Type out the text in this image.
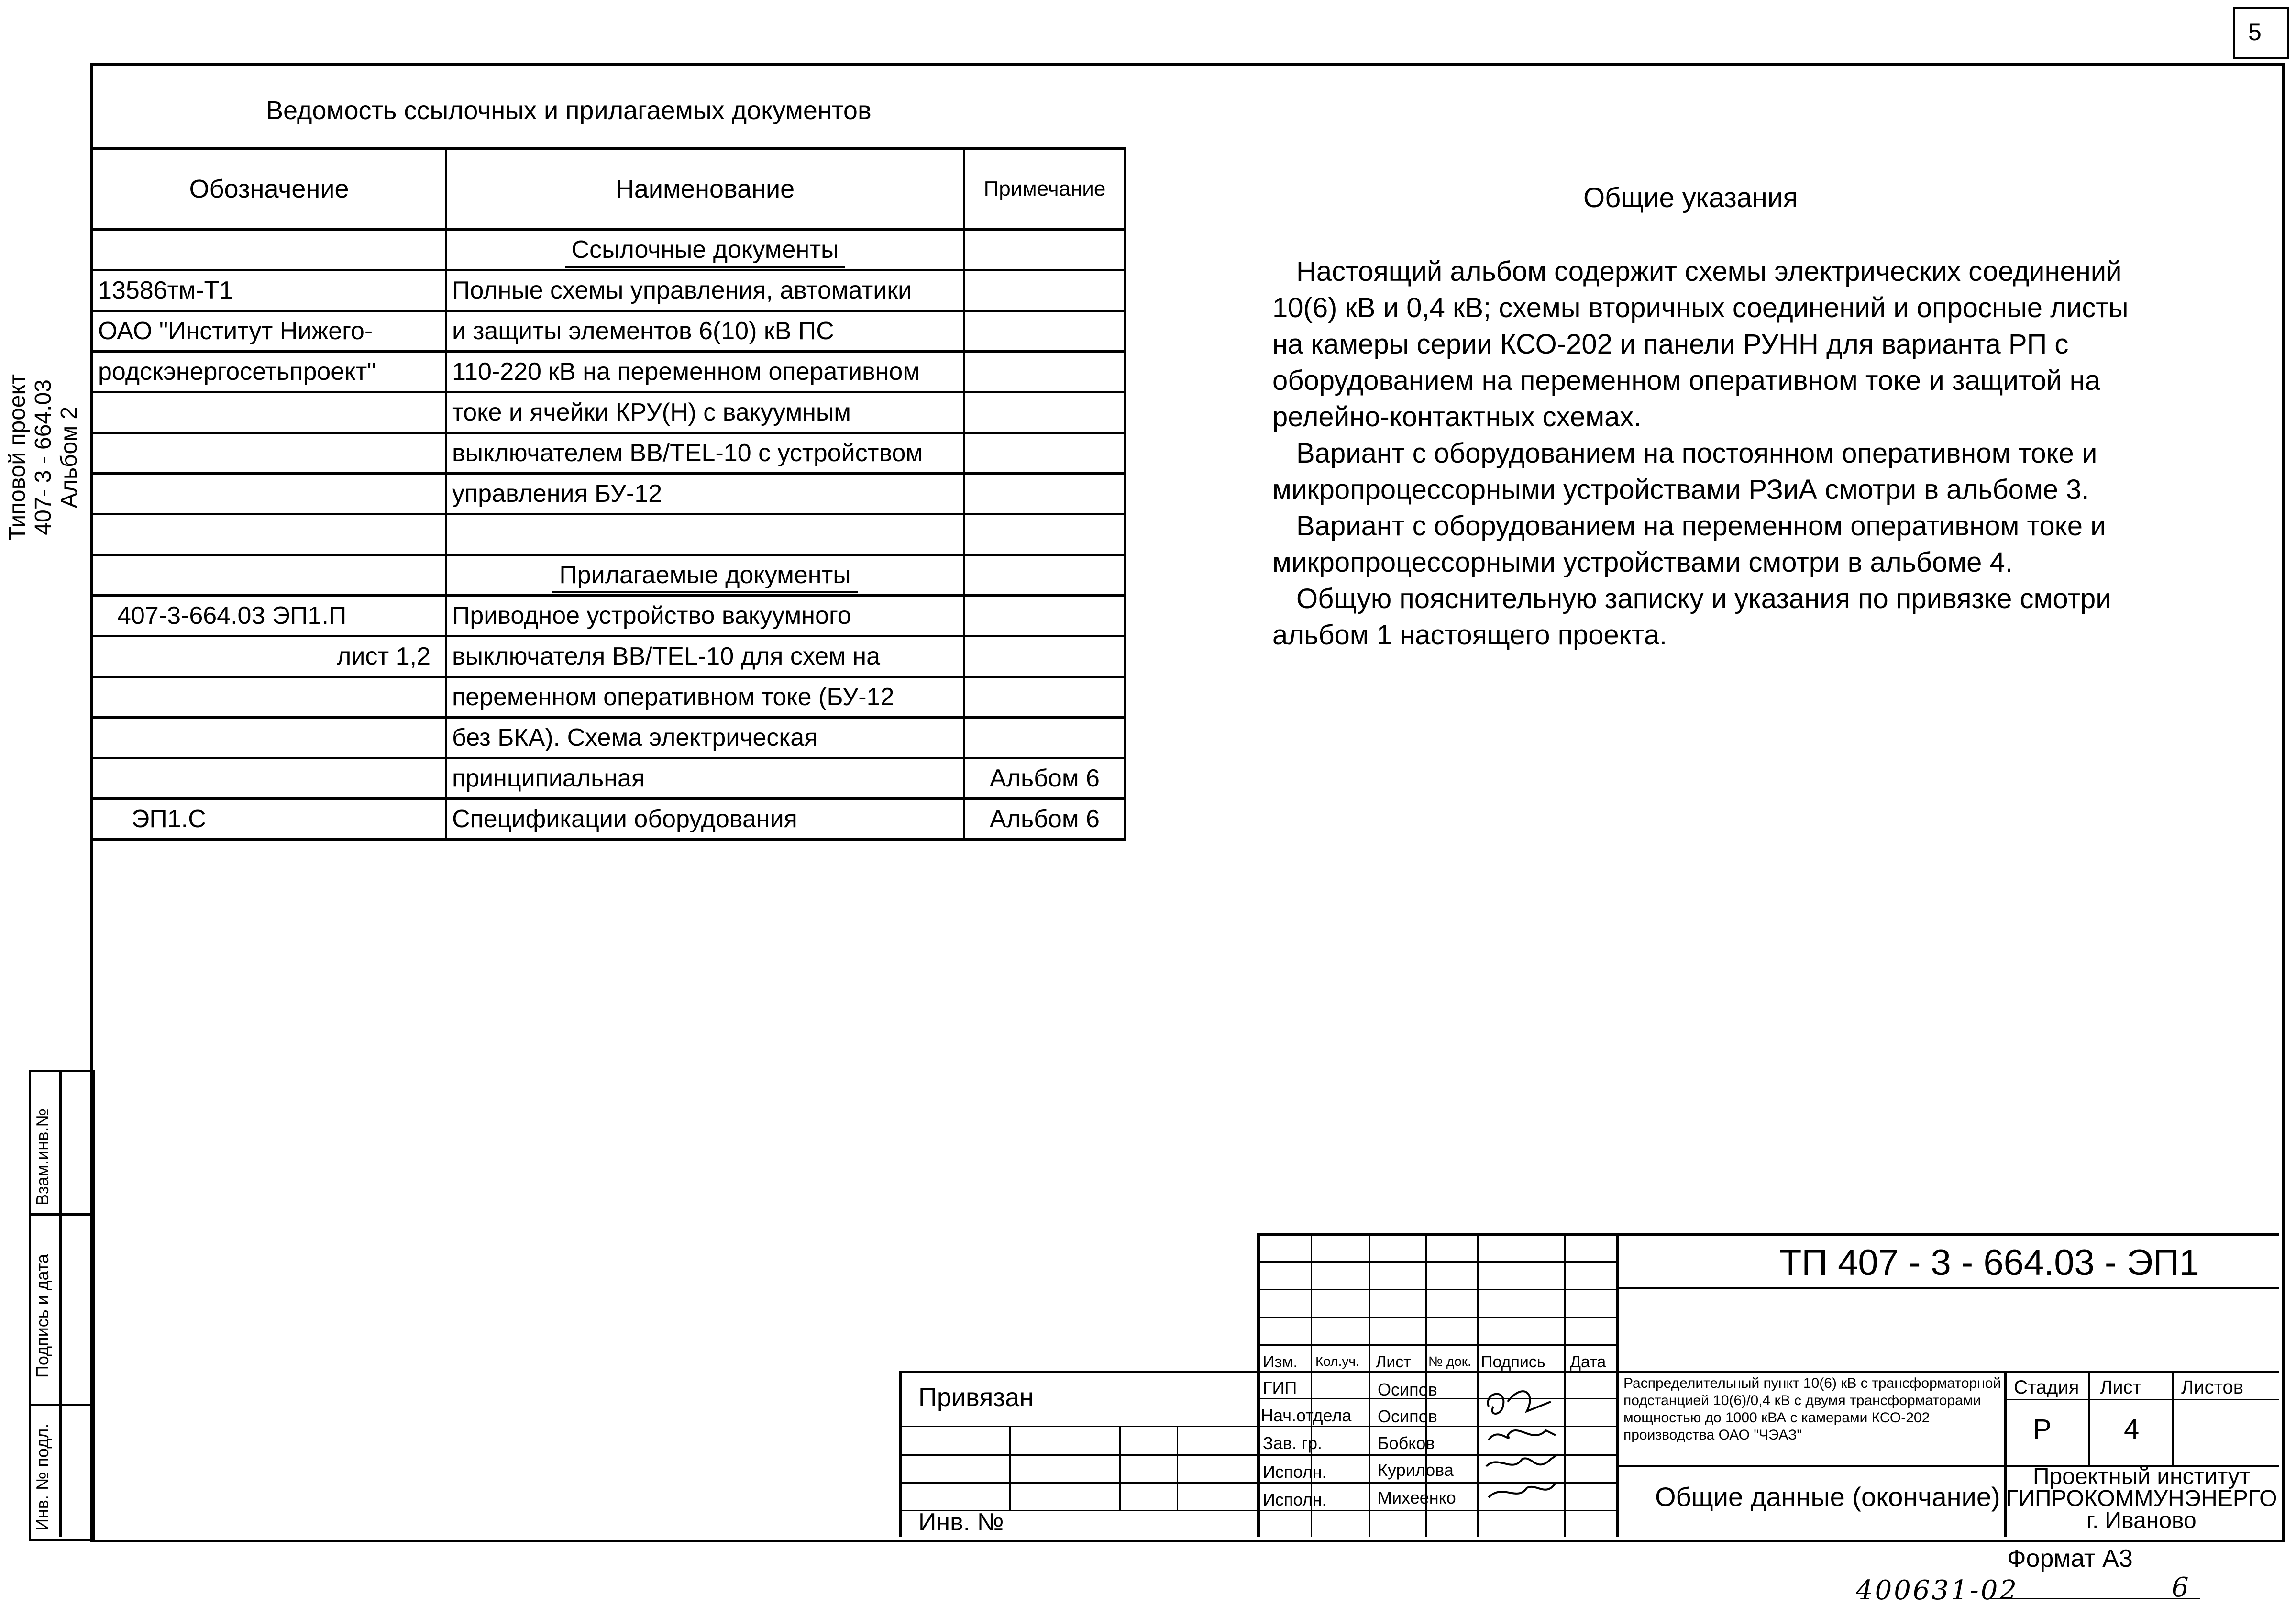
5
Типовой проект 407- 3 - 664.03 Альбом 2
Взам.инв.№
Подпись и дата
Инв. № подл.
Ведомость ссылочных и прилагаемых документов
Обозначение	Наименование	Примечание
	Ссылочные документы	
13586тм-Т1	Полные схемы управления, автоматики	
ОАО "Институт Нижего-	и защиты элементов 6(10) кВ ПС	
родскэнергосетьпроект"	110-220 кВ на переменном оперативном	
	токе и ячейки КРУ(Н) с вакуумным	
	выключателем ВВ/TEL-10 с устройством	
	управления БУ-12	

	Прилагаемые документы	
407-3-664.03 ЭП1.П	Приводное устройство вакуумного	
лист 1,2	выключателя ВВ/TEL-10 для схем на	
	переменном оперативном токе (БУ-12	
	без БКА). Схема электрическая	
	принципиальная	Альбом 6
ЭП1.С	Спецификации оборудования	Альбом 6
Общие указания

Настоящий альбом содержит схемы электрических соединений 10(6) кВ и 0,4 кВ; схемы вторичных соединений и опросные листы на камеры серии КСО-202 и панели РУНН для варианта РП с оборудованием на переменном оперативном токе и защитой на релейно-контактных схемах.

Вариант с оборудованием на постоянном оперативном токе и микропроцессорными устройствами РЗиА смотри в альбоме 3.

Вариант с оборудованием на переменном оперативном токе и микропроцессорными устройствами смотри в альбоме 4.

Общую пояснительную записку и указания по привязке смотри альбом 1 настоящего проекта.

ТП 407 - 3 - 664.03 - ЭП1
Изм. Кол.уч. Лист № док. Подпись Дата
ГИП	Осипов
Нач.отдела Осипов
Зав. гр.	Бобков
Исполн.	Курилова
Исполн.	Михеенко
Привязан
Инв. №
Распределительный пункт 10(6) кВ с трансформаторной
подстанцией 10(6)/0,4 кВ с двумя трансформаторами
мощностью до 1000 кВА с камерами КСО-202
производства ОАО "ЧЭАЗ"
Стадия Лист Листов
Р	4
Общие данные (окончание)
Проектный институт
ГИПРОКОММУНЭНЕРГО
г. Иваново
Формат А3
400631-02	6
